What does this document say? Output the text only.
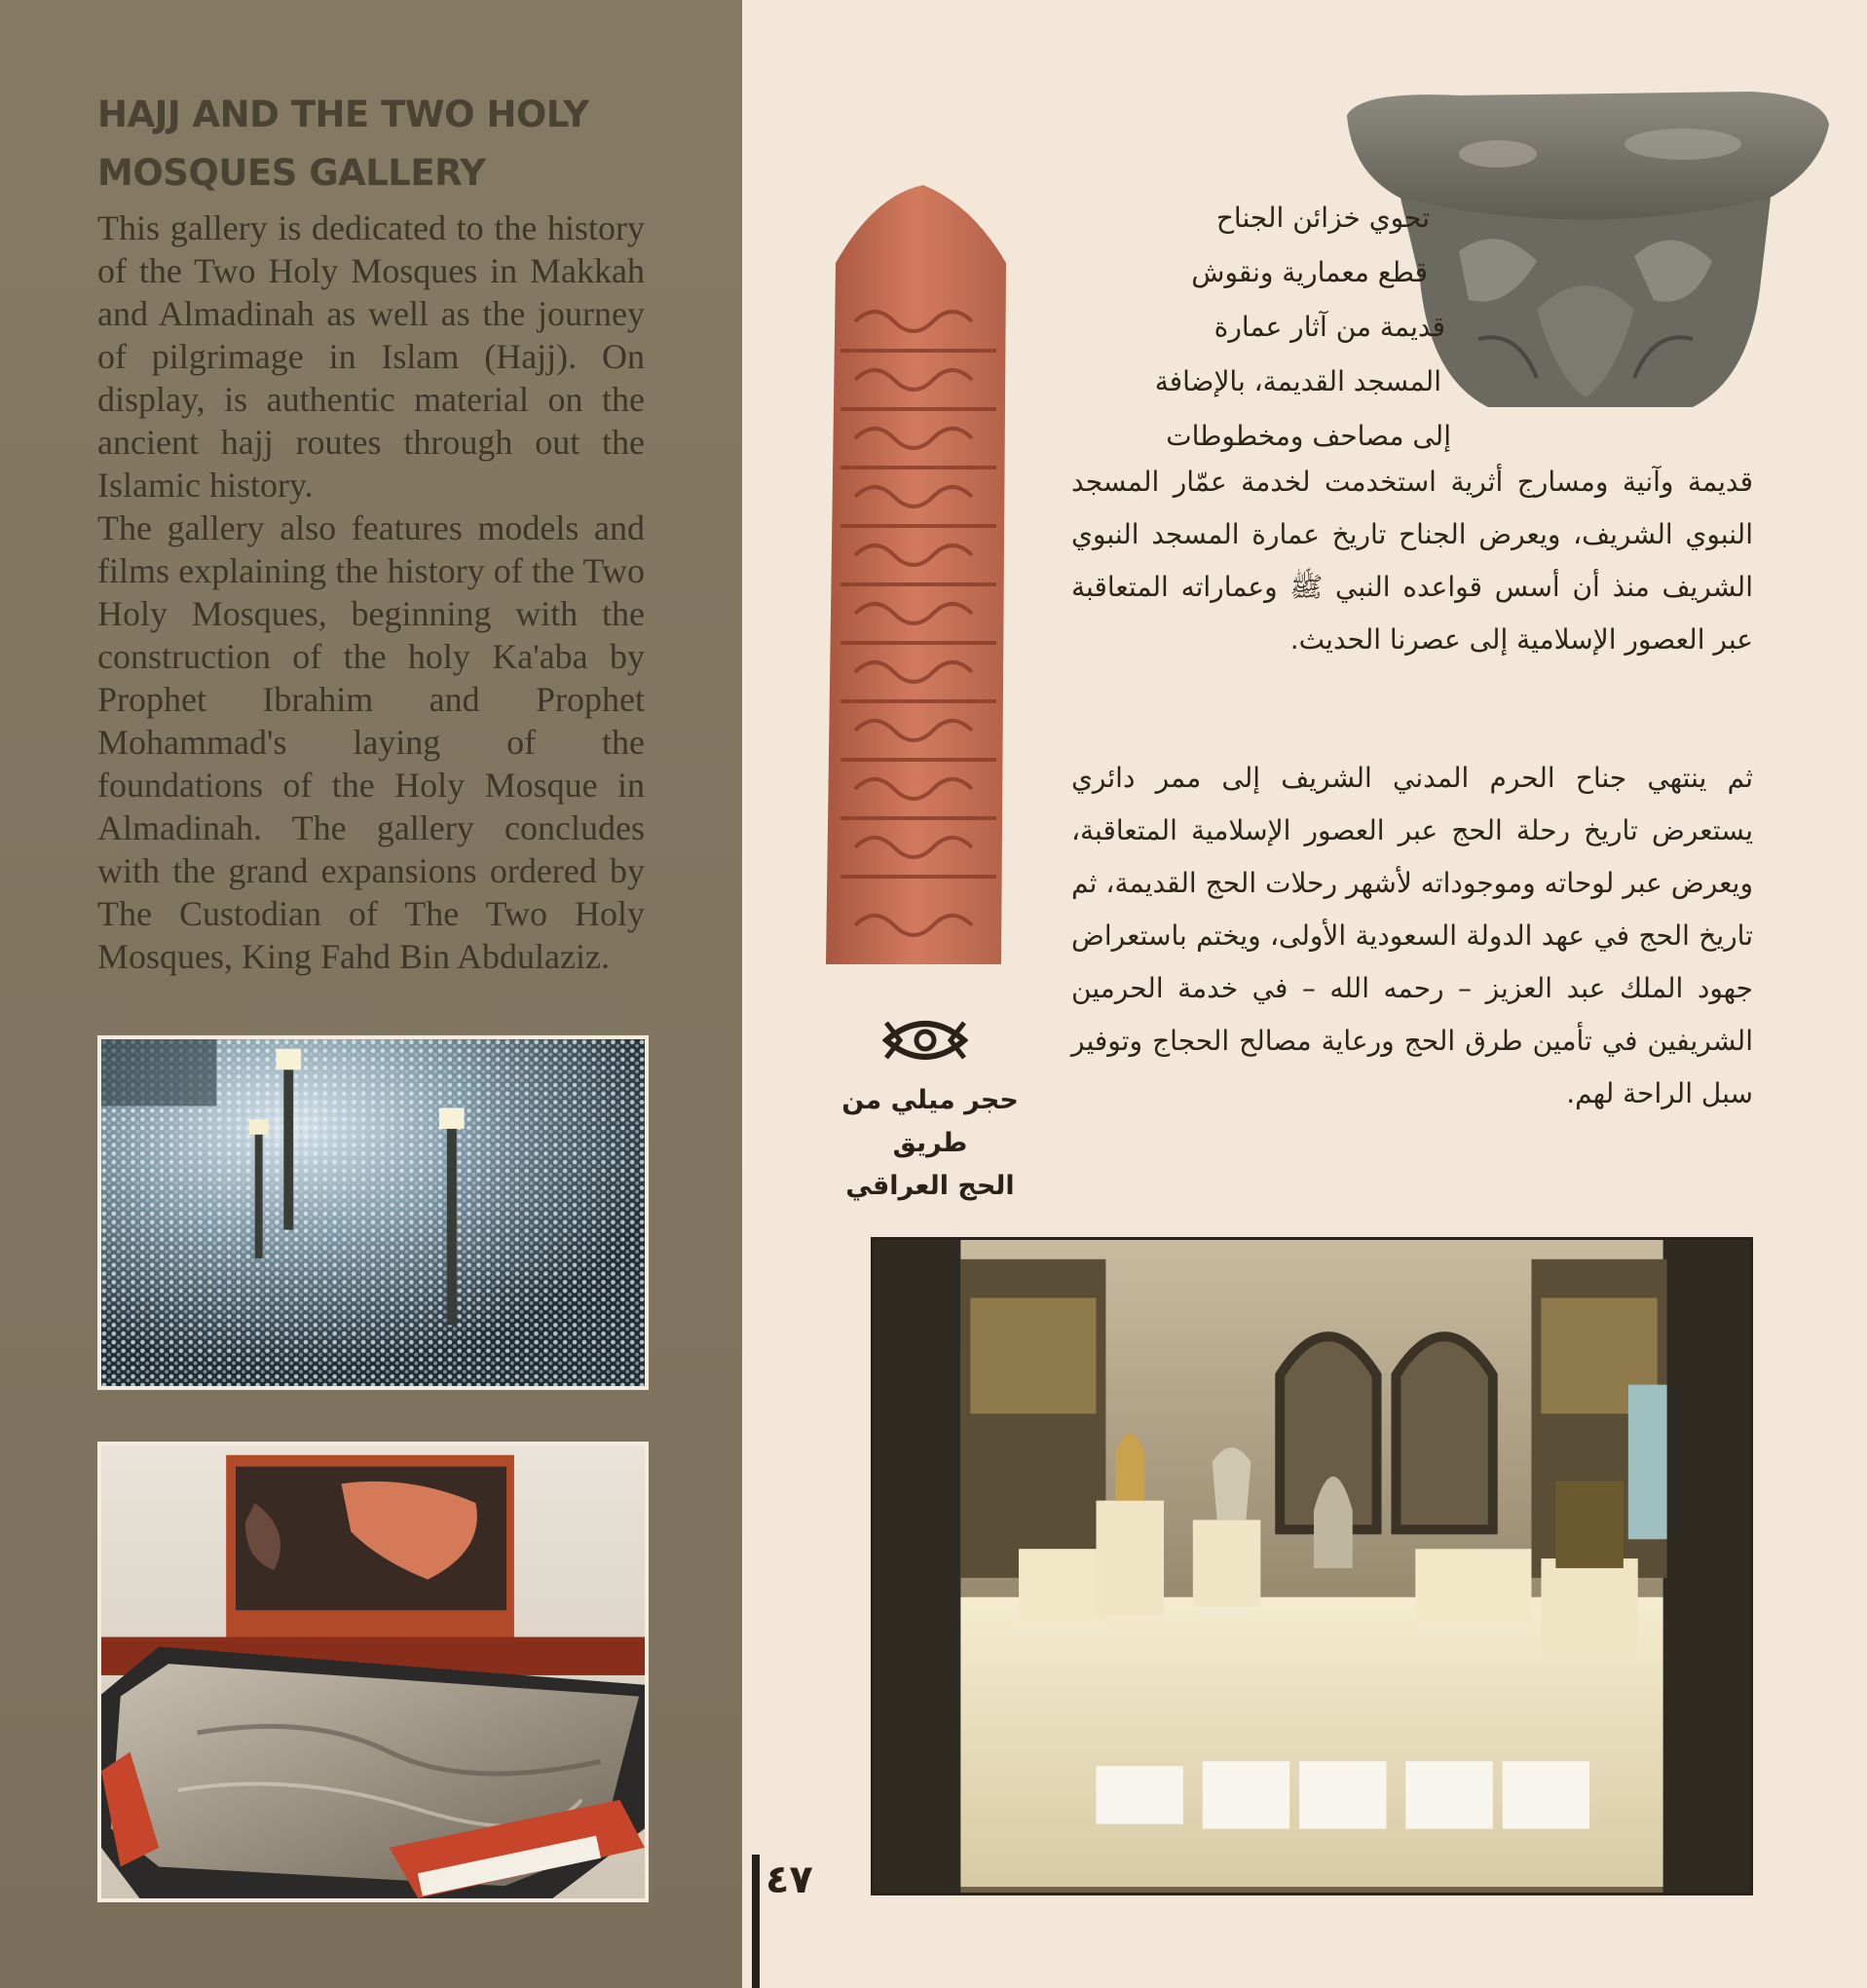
HAJJ AND THE TWO HOLY MOSQUES GALLERY

This gallery is dedicated to the history of the Two Holy Mosques in Makkah and Almadinah as well as the journey of pilgrimage in Islam (Hajj). On display, is authentic material on the ancient hajj routes through out the Islamic history.

The gallery also features models and films explaining the history of the Two Holy Mosques, beginning with the construction of the holy Ka'aba by Prophet Ibrahim and Prophet Mohammad's laying of the foundations of the Holy Mosque in Almadinah. The gallery concludes with the grand expansions ordered by The Custodian of The Two Holy Mosques, King Fahd Bin Abdulaziz.

حجر ميلي من طريق
الحج العراقي

تحوي خزائن الجناح

قطع معمارية ونقوش

قديمة من آثار عمارة

المسجد القديمة، بالإضافة

إلى مصاحف ومخطوطات

قديمة وآنية ومسارج أثرية استخدمت لخدمة عمّار المسجد النبوي الشريف، ويعرض الجناح تاريخ عمارة المسجد النبوي الشريف منذ أن أسس قواعده النبي ﷺ وعماراته المتعاقبة عبر العصور الإسلامية إلى عصرنا الحديث.

ثم ينتهي جناح الحرم المدني الشريف إلى ممر دائري يستعرض تاريخ رحلة الحج عبر العصور الإسلامية المتعاقبة، ويعرض عبر لوحاته وموجوداته لأشهر رحلات الحج القديمة، ثم تاريخ الحج في عهد الدولة السعودية الأولى، ويختم باستعراض جهود الملك عبد العزيز – رحمه الله – في خدمة الحرمين الشريفين في تأمين طرق الحج ورعاية مصالح الحجاج وتوفير سبل الراحة لهم.

٤٧
